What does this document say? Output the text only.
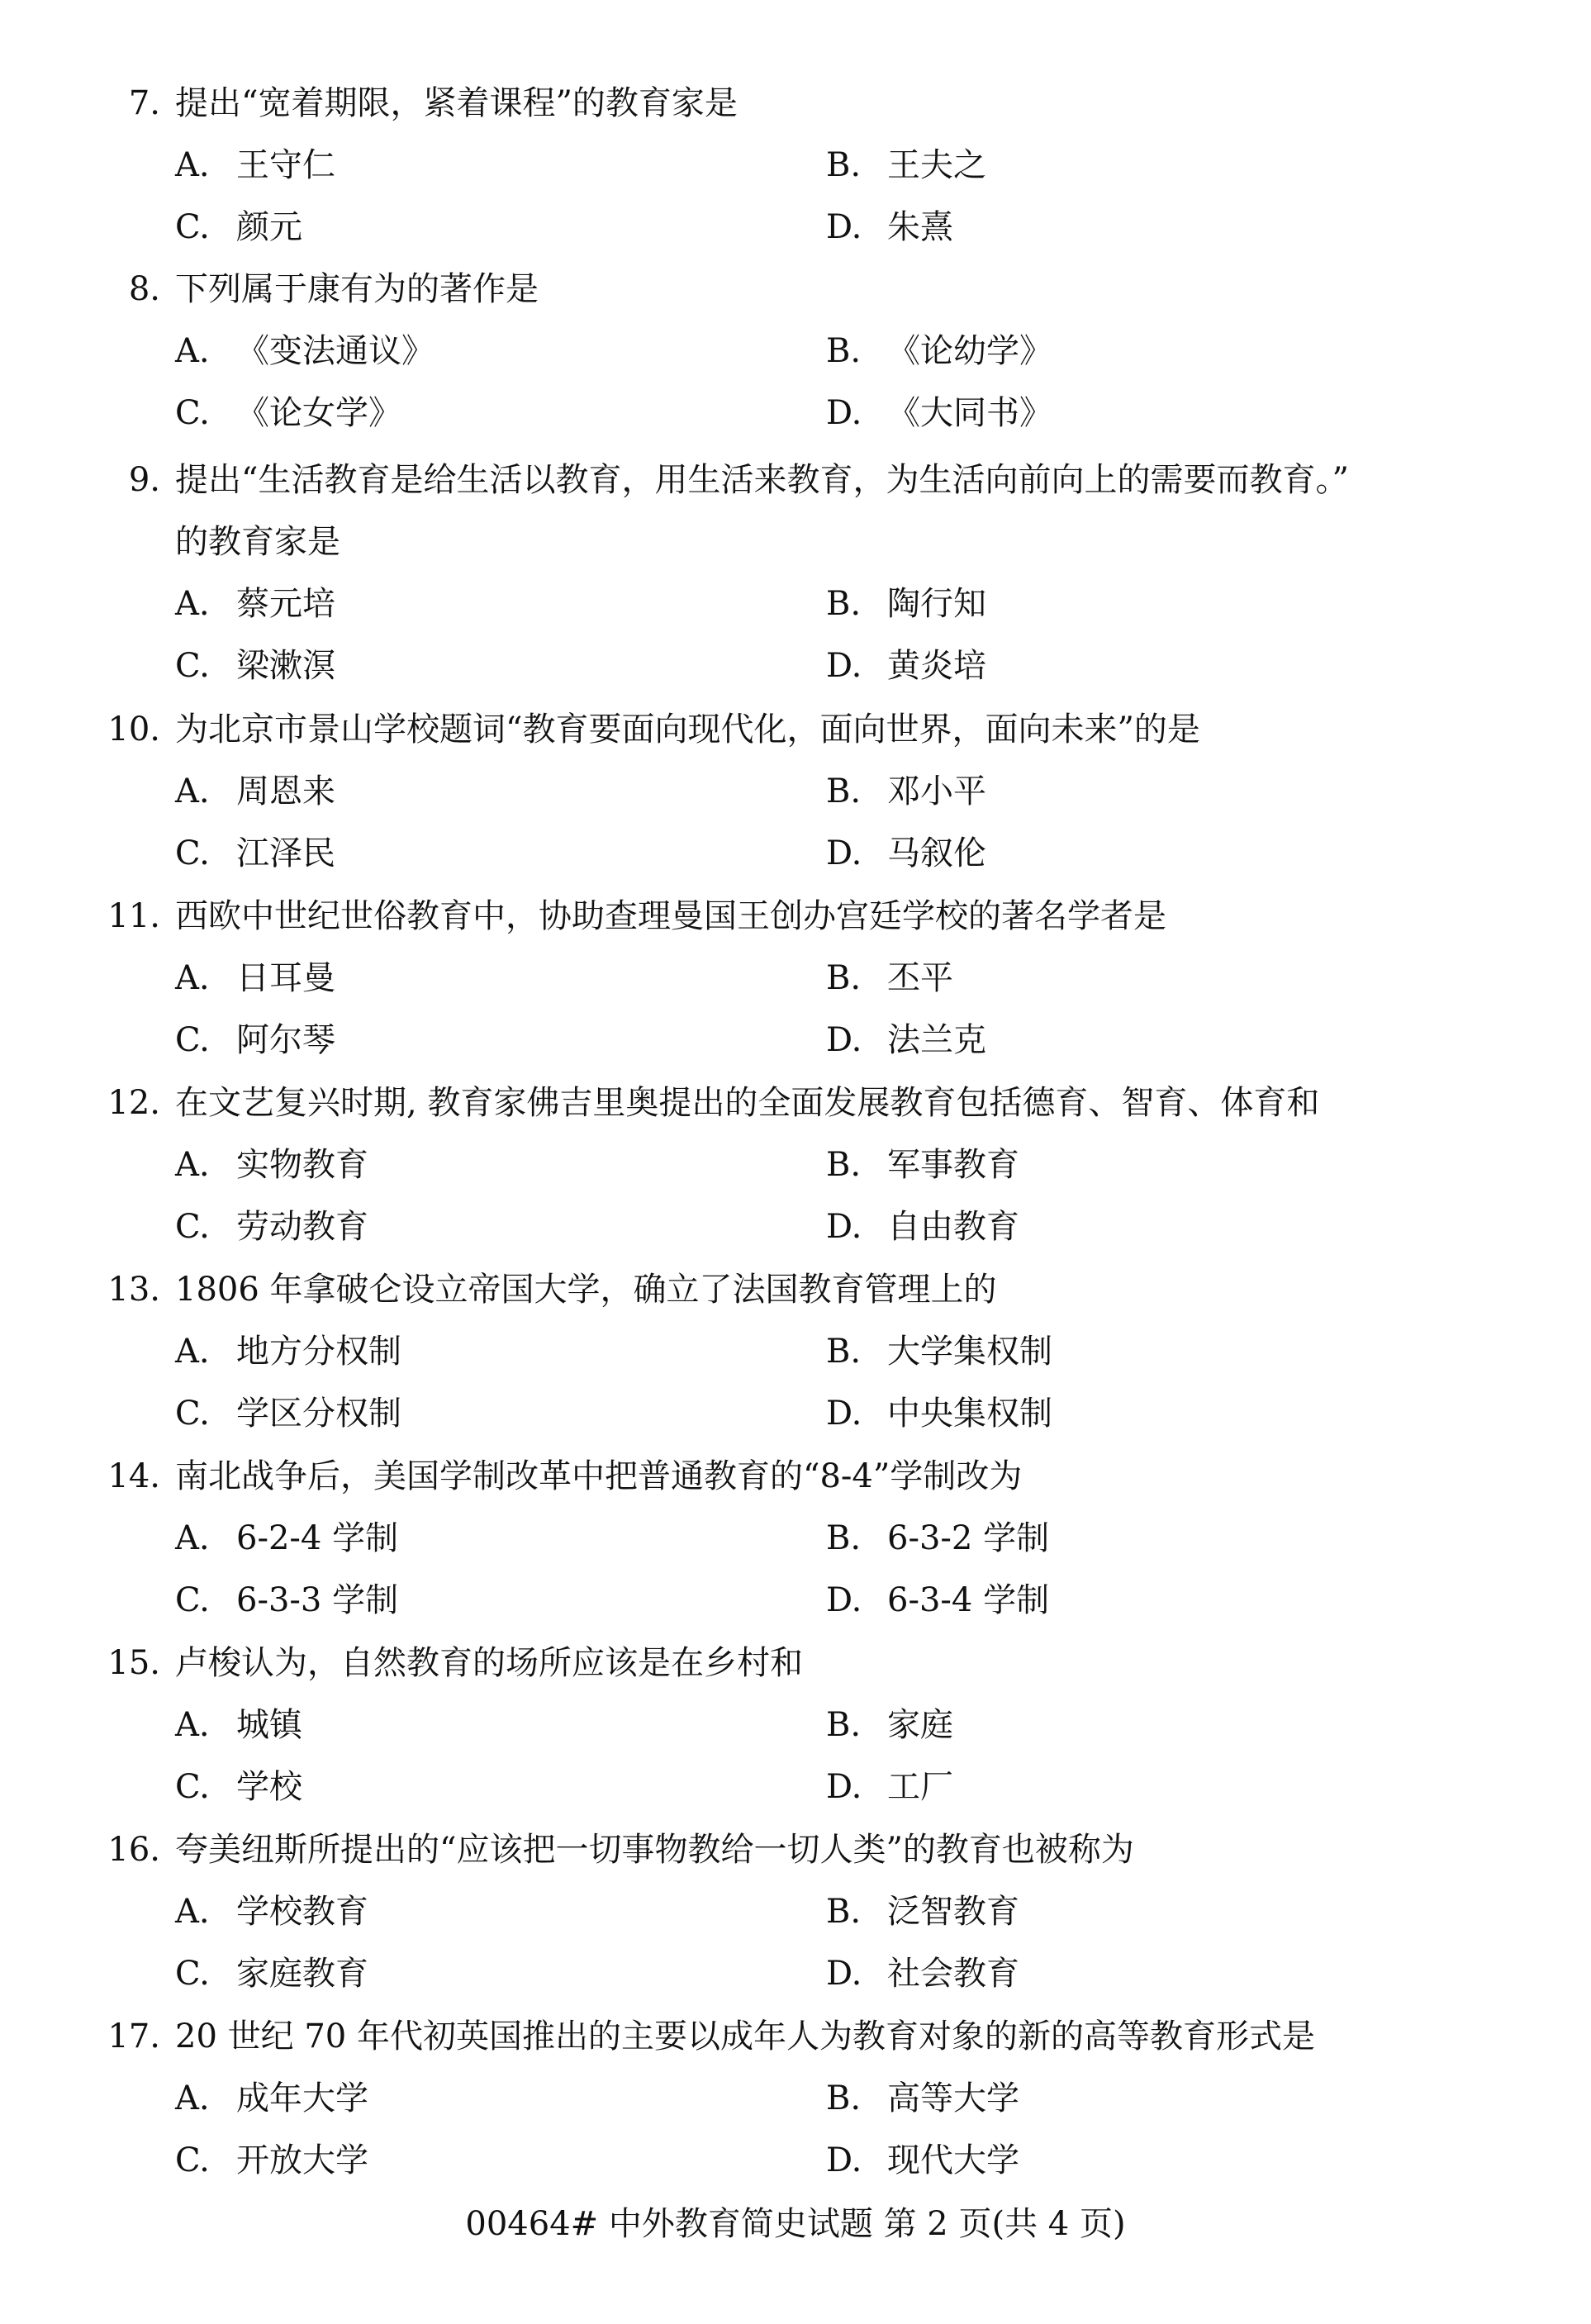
7. 提出“宽着期限，紧着课程”的教育家是
A. 王守仁	B. 王夫之
C. 颜元	D. 朱熹
8. 下列属于康有为的著作是
A. 《变法通议》	B. 《论幼学》
C. 《论女学》	D. 《大同书》
9. 提出“生活教育是给生活以教育，用生活来教育，为生活向前向上的需要而教育。”
的教育家是
A. 蔡元培	B. 陶行知
C. 梁漱溟	D. 黄炎培
10. 为北京市景山学校题词“教育要面向现代化，面向世界，面向未来”的是
A. 周恩来	B. 邓小平
C. 江泽民	D. 马叙伦
11. 西欧中世纪世俗教育中，协助查理曼国王创办宫廷学校的著名学者是
A. 日耳曼	B. 丕平
C. 阿尔琴	D. 法兰克
12. 在文艺复兴时期, 教育家佛吉里奥提出的全面发展教育包括德育、智育、体育和
A. 实物教育	B. 军事教育
C. 劳动教育	D. 自由教育
13. 1806 年拿破仑设立帝国大学，确立了法国教育管理上的
A. 地方分权制	B. 大学集权制
C. 学区分权制	D. 中央集权制
14. 南北战争后，美国学制改革中把普通教育的“8-4”学制改为
A. 6-2-4 学制	B. 6-3-2 学制
C. 6-3-3 学制	D. 6-3-4 学制
15. 卢梭认为，自然教育的场所应该是在乡村和
A. 城镇	B. 家庭
C. 学校	D. 工厂
16. 夸美纽斯所提出的“应该把一切事物教给一切人类”的教育也被称为
A. 学校教育	B. 泛智教育
C. 家庭教育	D. 社会教育
17. 20 世纪 70 年代初英国推出的主要以成年人为教育对象的新的高等教育形式是
A. 成年大学	B. 高等大学
C. 开放大学	D. 现代大学
00464# 中外教育简史试题 第 2 页(共 4 页)
